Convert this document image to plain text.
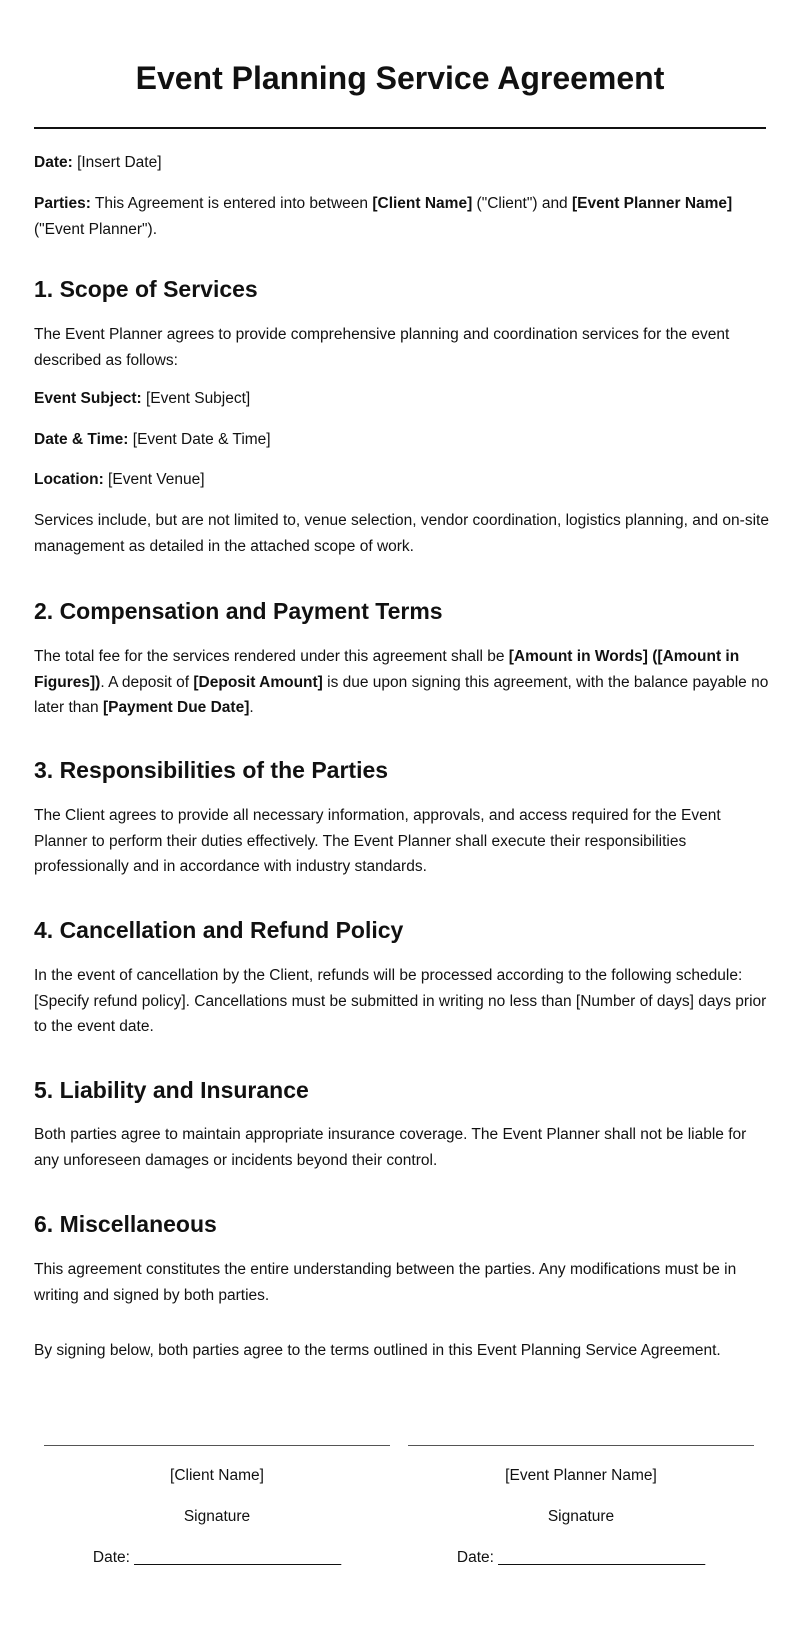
Event Planning Service Agreement

Date: [Insert Date]

Parties: This Agreement is entered into between [Client Name] ("Client") and [Event Planner Name] ("Event Planner").

1. Scope of Services

The Event Planner agrees to provide comprehensive planning and coordination services for the event described as follows:

Event Subject: [Event Subject]

Date & Time: [Event Date & Time]

Location: [Event Venue]

Services include, but are not limited to, venue selection, vendor coordination, logistics planning, and on-site management as detailed in the attached scope of work.

2. Compensation and Payment Terms

The total fee for the services rendered under this agreement shall be [Amount in Words] ([Amount in Figures]). A deposit of [Deposit Amount] is due upon signing this agreement, with the balance payable no later than [Payment Due Date].

3. Responsibilities of the Parties

The Client agrees to provide all necessary information, approvals, and access required for the Event Planner to perform their duties effectively. The Event Planner shall execute their responsibilities professionally and in accordance with industry standards.

4. Cancellation and Refund Policy

In the event of cancellation by the Client, refunds will be processed according to the following schedule: [Specify refund policy]. Cancellations must be submitted in writing no less than [Number of days] days prior to the event date.

5. Liability and Insurance

Both parties agree to maintain appropriate insurance coverage. The Event Planner shall not be liable for any unforeseen damages or incidents beyond their control.

6. Miscellaneous

This agreement constitutes the entire understanding between the parties. Any modifications must be in writing and signed by both parties.

By signing below, both parties agree to the terms outlined in this Event Planning Service Agreement.

[Client Name]

Signature

Date: ________________________

[Event Planner Name]

Signature

Date: ________________________
